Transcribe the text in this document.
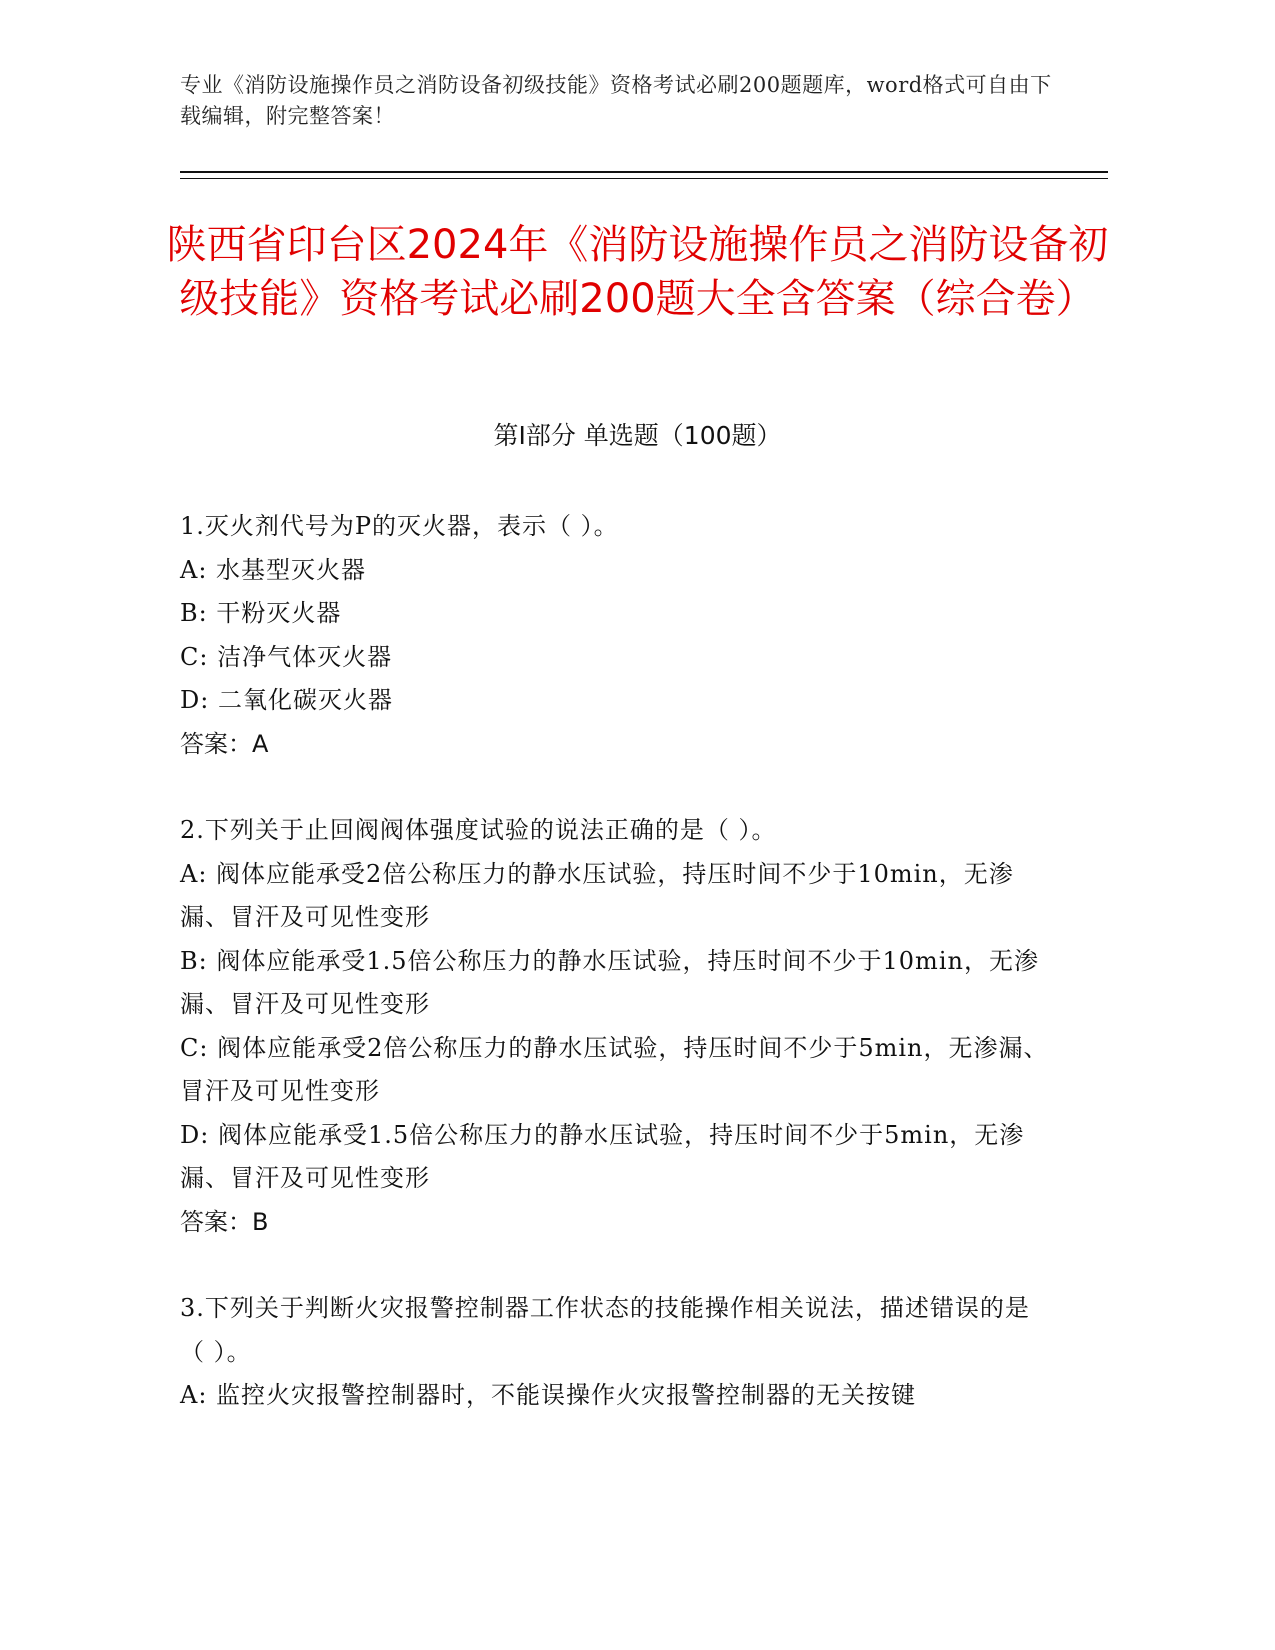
专业《消防设施操作员之消防设备初级技能》资格考试必刷200题题库，word格式可自由下载编辑，附完整答案！
陕西省印台区2024年《消防设施操作员之消防设备初级技能》资格考试必刷200题大全含答案（综合卷）
第I部分 单选题（100题）

1.灭火剂代号为P的灭火器，表示（ ）。

A: 水基型灭火器

B: 干粉灭火器

C: 洁净气体灭火器

D: 二氧化碳灭火器

答案：A

2.下列关于止回阀阀体强度试验的说法正确的是（ ）。

A: 阀体应能承受2倍公称压力的静水压试验，持压时间不少于10min，无渗漏、冒汗及可见性变形

B: 阀体应能承受1.5倍公称压力的静水压试验，持压时间不少于10min，无渗漏、冒汗及可见性变形

C: 阀体应能承受2倍公称压力的静水压试验，持压时间不少于5min，无渗漏、冒汗及可见性变形

D: 阀体应能承受1.5倍公称压力的静水压试验，持压时间不少于5min，无渗漏、冒汗及可见性变形

答案：B

3.下列关于判断火灾报警控制器工作状态的技能操作相关说法，描述错误的是（ ）。

A: 监控火灾报警控制器时，不能误操作火灾报警控制器的无关按键
